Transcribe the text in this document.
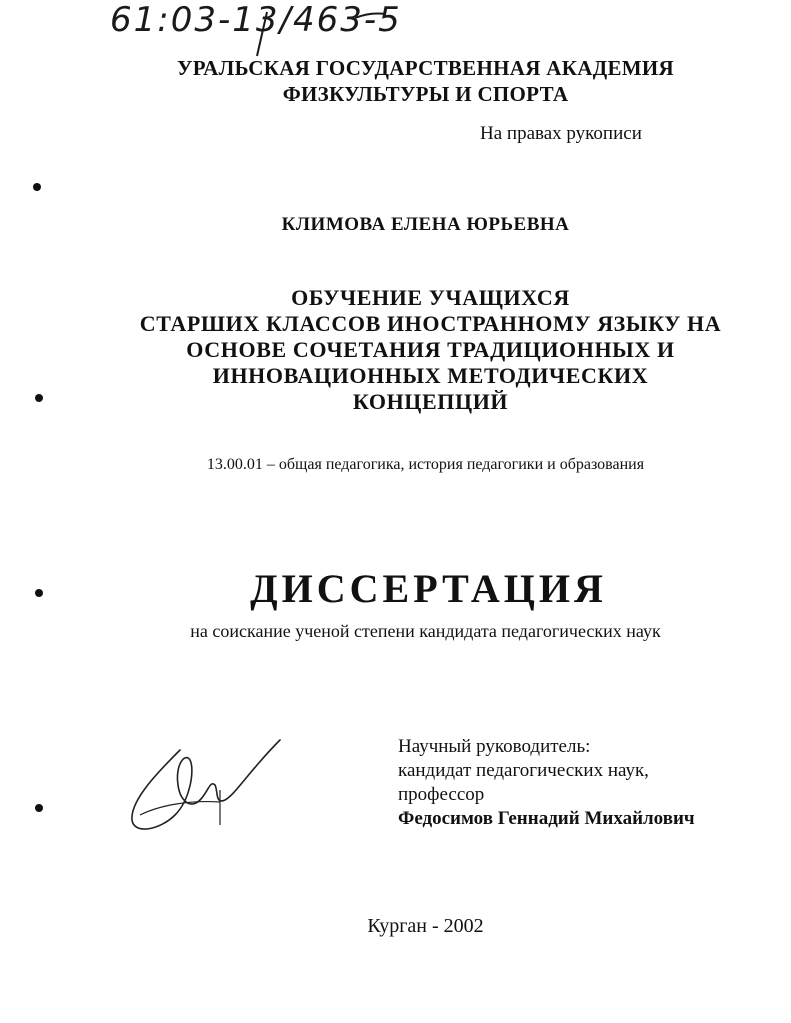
61:03-13/463-5
УРАЛЬСКАЯ ГОСУДАРСТВЕННАЯ АКАДЕМИЯ
ФИЗКУЛЬТУРЫ И СПОРТА
На правах рукописи
КЛИМОВА ЕЛЕНА ЮРЬЕВНА
ОБУЧЕНИЕ УЧАЩИХСЯ
СТАРШИХ КЛАССОВ ИНОСТРАННОМУ ЯЗЫКУ НА
ОСНОВЕ СОЧЕТАНИЯ ТРАДИЦИОННЫХ И
ИННОВАЦИОННЫХ МЕТОДИЧЕСКИХ
КОНЦЕПЦИЙ
13.00.01 – общая педагогика, история педагогики и образования
ДИССЕРТАЦИЯ
на соискание ученой степени кандидата педагогических наук
Научный руководитель:
кандидат педагогических наук,
профессор
Федосимов Геннадий Михайлович
Курган - 2002
